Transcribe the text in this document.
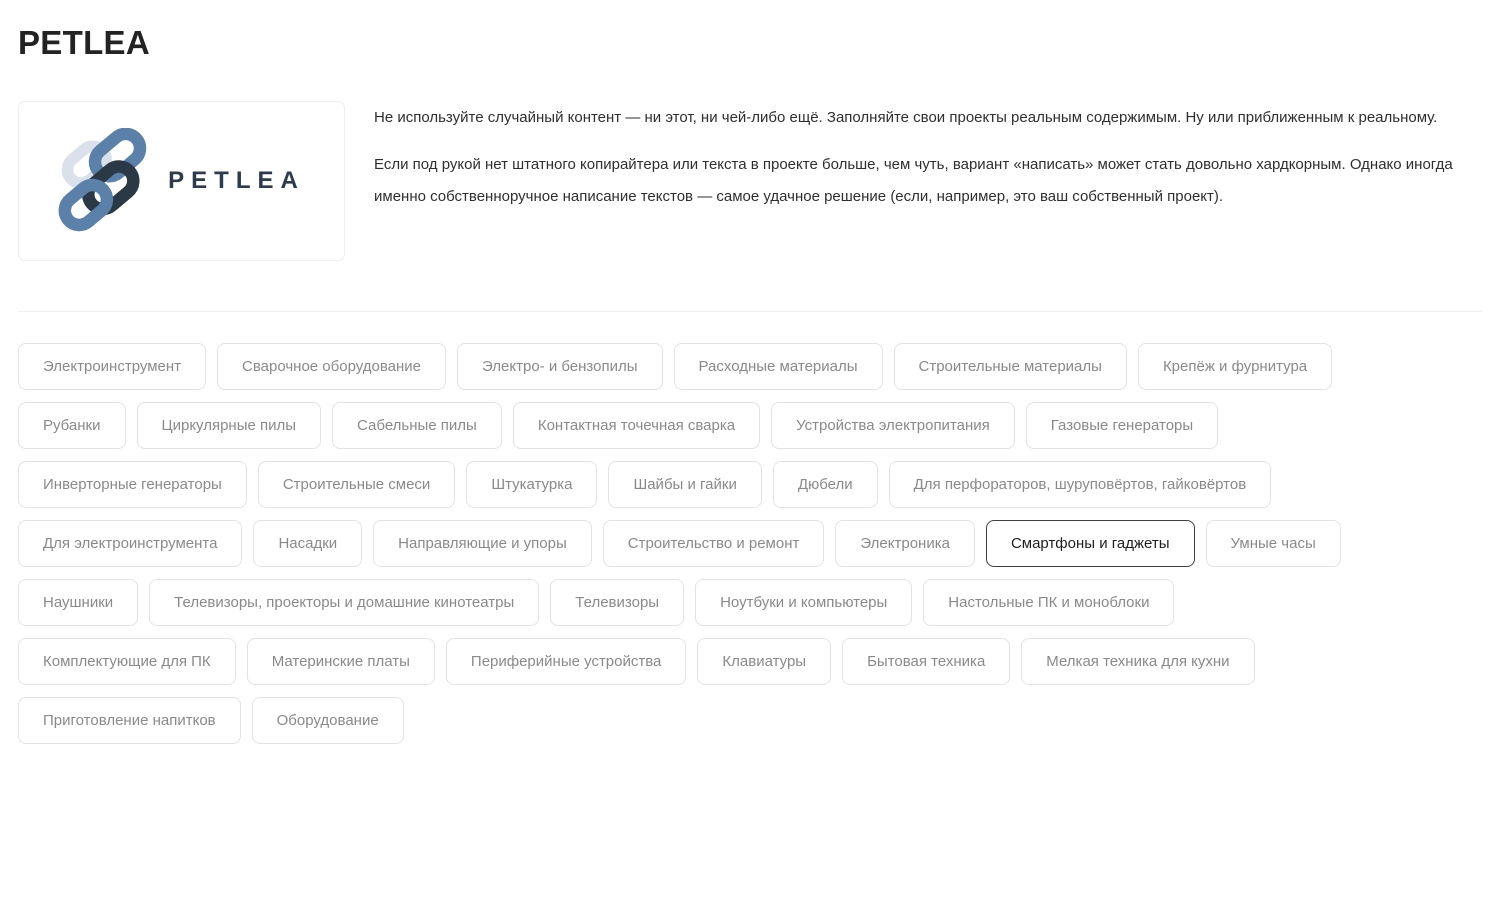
PETLEA
PETLEA

Не используйте случайный контент — ни этот, ни чей-либо ещё. Заполняйте свои проекты реальным содержимым. Ну или приближенным к реальному.

Если под рукой нет штатного копирайтера или текста в проекте больше, чем чуть, вариант «написать» может стать довольно хардкорным. Однако иногда именно собственноручное написание текстов — самое удачное решение (если, например, это ваш собственный проект).

Электроинструмент	Сварочное оборудование	Электро- и бензопилы	Расходные материалы	Строительные материалы	Крепёж и фурнитура
Рубанки	Циркулярные пилы	Сабельные пилы	Контактная точечная сварка	Устройства электропитания	Газовые генераторы
Инверторные генераторы	Строительные смеси	Штукатурка	Шайбы и гайки	Дюбели	Для перфораторов, шуруповёртов, гайковёртов
Для электроинструмента	Насадки	Направляющие и упоры	Строительство и ремонт	Электроника	Смартфоны и гаджеты	Умные часы
Наушники	Телевизоры, проекторы и домашние кинотеатры	Телевизоры	Ноутбуки и компьютеры	Настольные ПК и моноблоки
Комплектующие для ПК	Материнские платы	Периферийные устройства	Клавиатуры	Бытовая техника	Мелкая техника для кухни
Приготовление напитков	Оборудование
